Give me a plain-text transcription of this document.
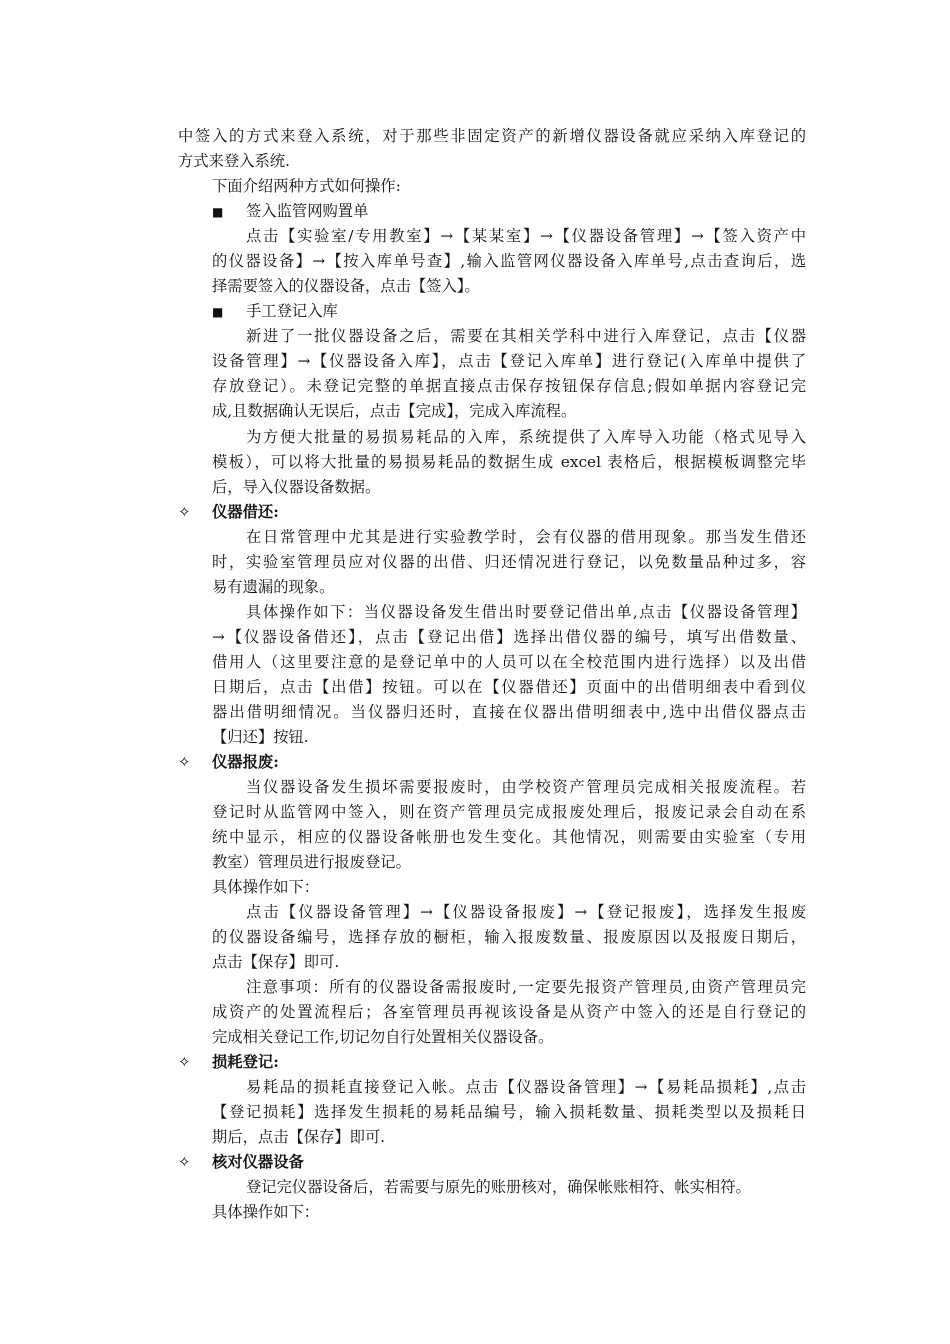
中签入的方式来登入系统，对于那些非固定资产的新增仪器设备就应采纳入库登记的
方式来登入系统.
下面介绍两种方式如何操作:
■ 签入监管网购置单
点击【实验室/专用教室】→【某某室】→【仪器设备管理】→【签入资产中
的仪器设备】→【按入库单号查】,输入监管网仪器设备入库单号,点击查询后，选
择需要签入的仪器设备，点击【签入】。
■ 手工登记入库
新进了一批仪器设备之后，需要在其相关学科中进行入库登记，点击【仪器
设备管理】→【仪器设备入库】，点击【登记入库单】进行登记(入库单中提供了
存放登记）。未登记完整的单据直接点击保存按钮保存信息;假如单据内容登记完
成,且数据确认无误后，点击【完成】，完成入库流程。
为方便大批量的易损易耗品的入库，系统提供了入库导入功能（格式见导入
模板），可以将大批量的易损易耗品的数据生成 excel 表格后，根据模板调整完毕
后，导入仪器设备数据。
✧ 仪器借还:
在日常管理中尤其是进行实验教学时，会有仪器的借用现象。那当发生借还
时，实验室管理员应对仪器的出借、归还情况进行登记，以免数量品种过多，容
易有遗漏的现象。
具体操作如下：当仪器设备发生借出时要登记借出单,点击【仪器设备管理】
→【仪器设备借还】，点击【登记出借】选择出借仪器的编号，填写出借数量、
借用人（这里要注意的是登记单中的人员可以在全校范围内进行选择）以及出借
日期后，点击【出借】按钮。可以在【仪器借还】页面中的出借明细表中看到仪
器出借明细情况。当仪器归还时，直接在仪器出借明细表中,选中出借仪器点击
【归还】按钮.
✧ 仪器报废:
当仪器设备发生损坏需要报废时，由学校资产管理员完成相关报废流程。若
登记时从监管网中签入，则在资产管理员完成报废处理后，报废记录会自动在系
统中显示，相应的仪器设备帐册也发生变化。其他情况，则需要由实验室（专用
教室）管理员进行报废登记。
具体操作如下：
点击【仪器设备管理】→【仪器设备报废】→【登记报废】，选择发生报废
的仪器设备编号，选择存放的橱柜，输入报废数量、报废原因以及报废日期后，
点击【保存】即可.
注意事项：所有的仪器设备需报废时,一定要先报资产管理员,由资产管理员完
成资产的处置流程后；各室管理员再视该设备是从资产中签入的还是自行登记的
完成相关登记工作,切记勿自行处置相关仪器设备。
✧ 损耗登记:
易耗品的损耗直接登记入帐。点击【仪器设备管理】→【易耗品损耗】,点击
【登记损耗】选择发生损耗的易耗品编号，输入损耗数量、损耗类型以及损耗日
期后，点击【保存】即可.
✧ 核对仪器设备
登记完仪器设备后，若需要与原先的账册核对，确保帐账相符、帐实相符。
具体操作如下：
